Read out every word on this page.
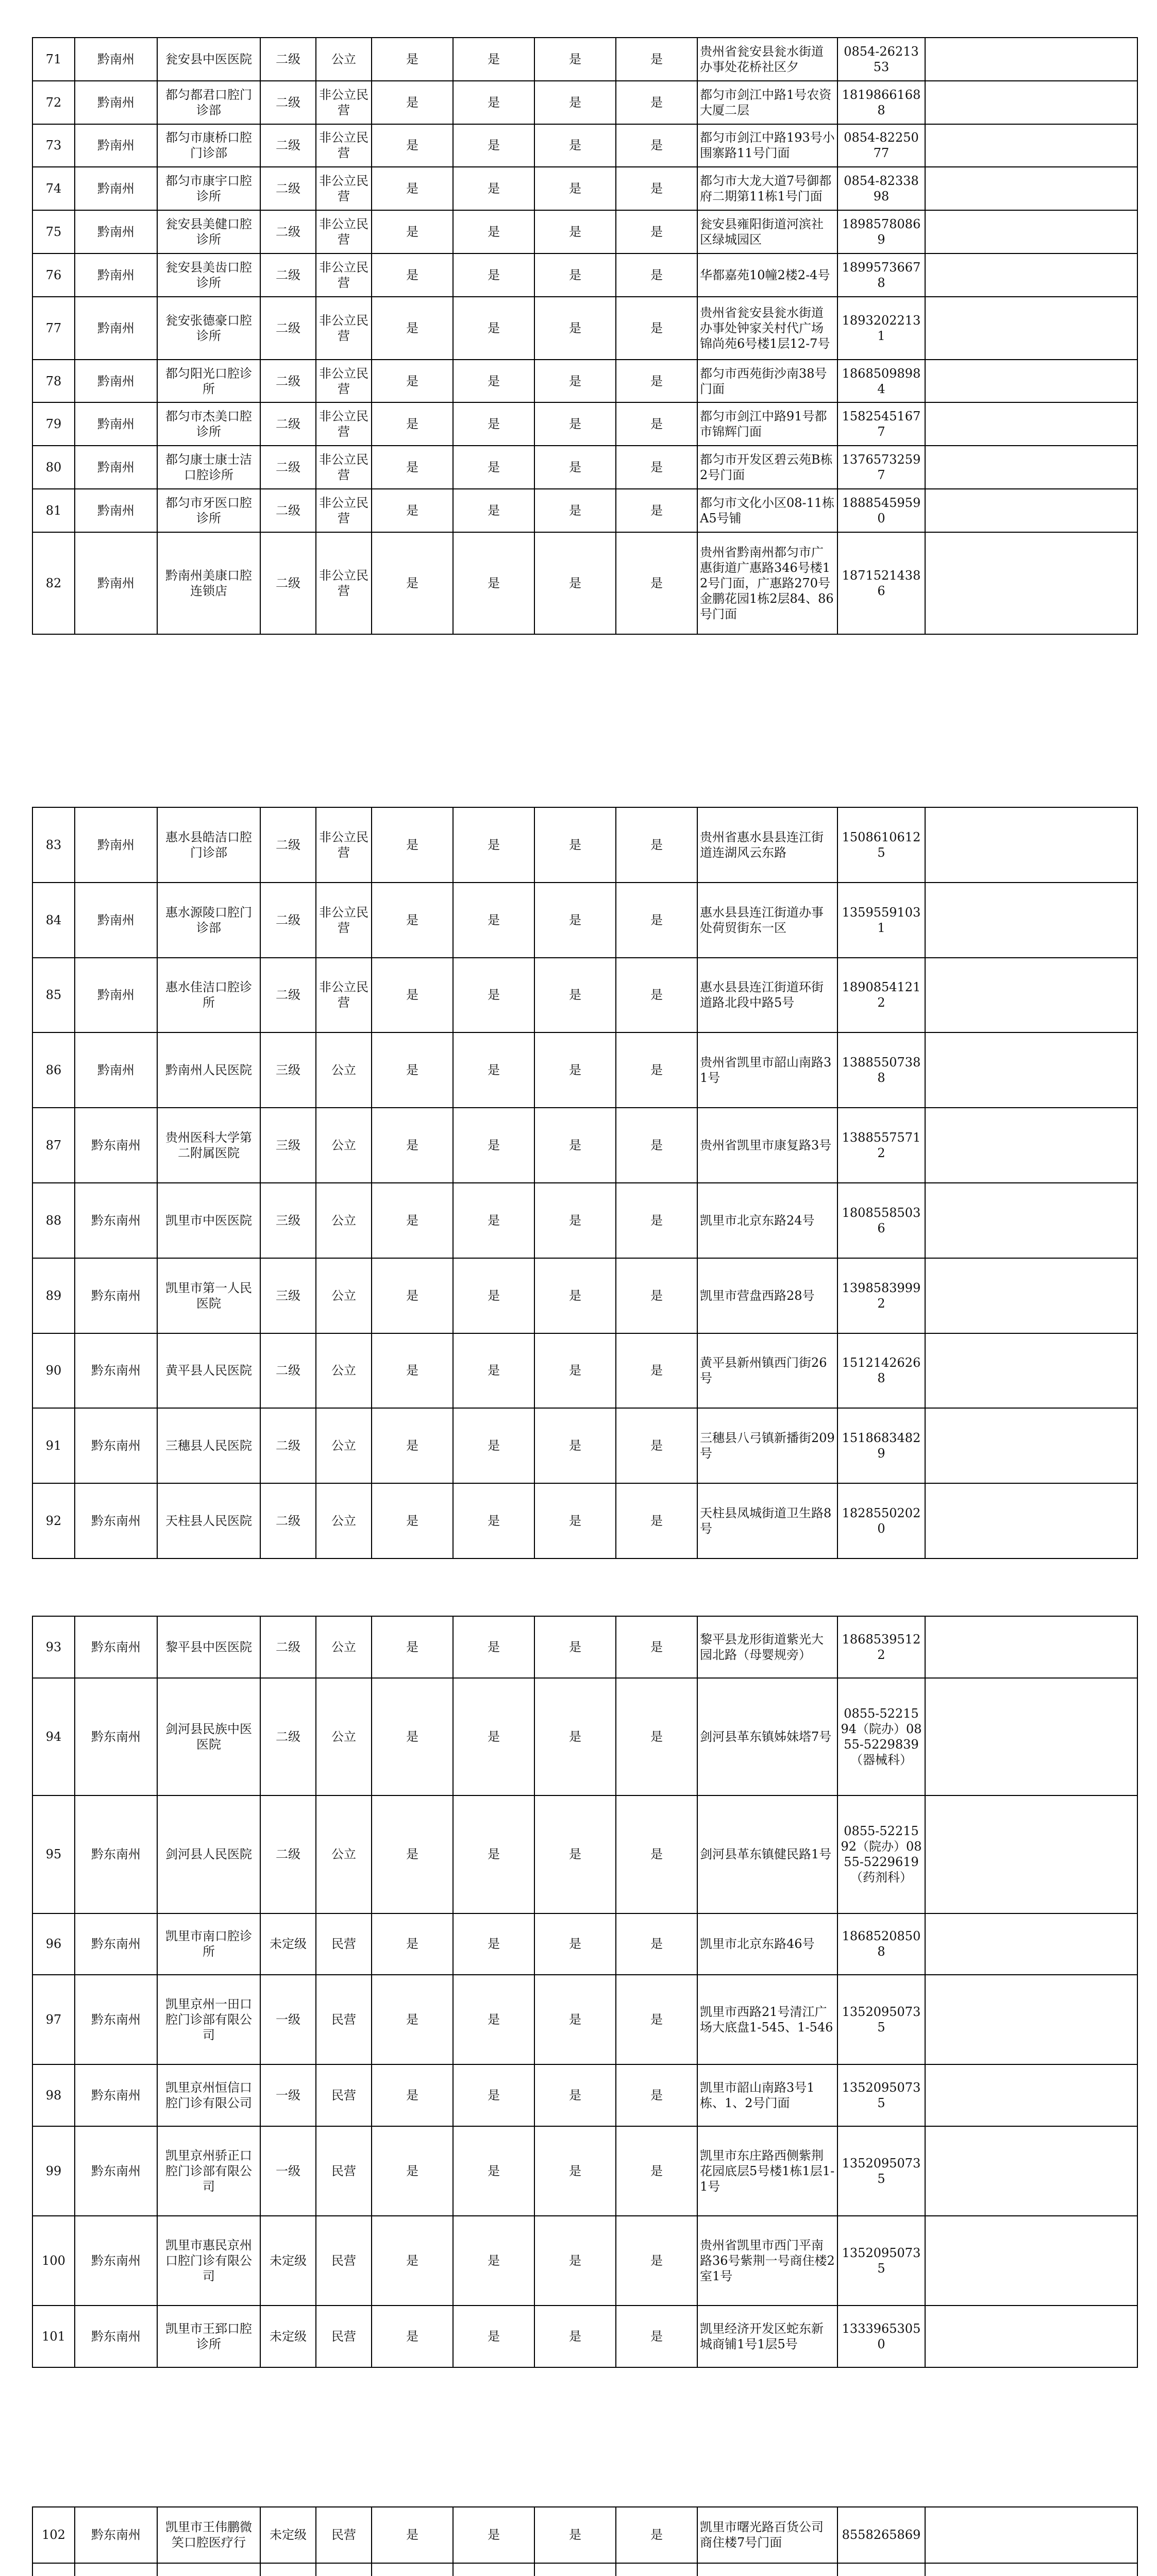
71	黔南州	瓮安县中医医院	二级	公立	是	是	是	是	贵州省瓮安县瓮水街道办事处花桥社区夕	0854-2621353	
72	黔南州	都匀都君口腔门诊部	二级	非公立民营	是	是	是	是	都匀市剑江中路1号农资大厦二层	18198661688	
73	黔南州	都匀市康桥口腔门诊部	二级	非公立民营	是	是	是	是	都匀市剑江中路193号小围寨路11号门面	0854-8225077	
74	黔南州	都匀市康宇口腔诊所	二级	非公立民营	是	是	是	是	都匀市大龙大道7号御都府二期第11栋1号门面	0854-8233898	
75	黔南州	瓮安县美健口腔诊所	二级	非公立民营	是	是	是	是	瓮安县雍阳街道河滨社区绿城园区	18985780869	
76	黔南州	瓮安县美齿口腔诊所	二级	非公立民营	是	是	是	是	华都嘉苑10幢2楼2-4号	18995736678	
77	黔南州	瓮安张德豪口腔诊所	二级	非公立民营	是	是	是	是	贵州省瓮安县瓮水街道办事处钟家关村代广场锦尚苑6号楼1层12-7号	18932022131	
78	黔南州	都匀阳光口腔诊所	二级	非公立民营	是	是	是	是	都匀市西苑街沙南38号门面	18685098984	
79	黔南州	都匀市杰美口腔诊所	二级	非公立民营	是	是	是	是	都匀市剑江中路91号都市锦辉门面	15825451677	
80	黔南州	都匀康士康士洁口腔诊所	二级	非公立民营	是	是	是	是	都匀市开发区碧云苑B栋2号门面	13765732597	
81	黔南州	都匀市牙医口腔诊所	二级	非公立民营	是	是	是	是	都匀市文化小区08-11栋A5号铺	18885459590	
82	黔南州	黔南州美康口腔连锁店	二级	非公立民营	是	是	是	是	贵州省黔南州都匀市广惠街道广惠路346号楼12号门面，广惠路270号金鹏花园1栋2层84、86号门面	18715214386	
83	黔南州	惠水县皓洁口腔门诊部	二级	非公立民营	是	是	是	是	贵州省惠水县县连江街道连湖风云东路	15086106125	
84	黔南州	惠水源陵口腔门诊部	二级	非公立民营	是	是	是	是	惠水县县连江街道办事处荷贸街东一区	13595591031	
85	黔南州	惠水佳洁口腔诊所	二级	非公立民营	是	是	是	是	惠水县县连江街道环街道路北段中路5号	18908541212	
86	黔南州	黔南州人民医院	三级	公立	是	是	是	是	贵州省凯里市韶山南路31号	13885507388	
87	黔东南州	贵州医科大学第二附属医院	三级	公立	是	是	是	是	贵州省凯里市康复路3号	13885575712	
88	黔东南州	凯里市中医医院	三级	公立	是	是	是	是	凯里市北京东路24号	18085585036	
89	黔东南州	凯里市第一人民医院	三级	公立	是	是	是	是	凯里市营盘西路28号	13985839992	
90	黔东南州	黄平县人民医院	二级	公立	是	是	是	是	黄平县新州镇西门街26号	15121426268	
91	黔东南州	三穗县人民医院	二级	公立	是	是	是	是	三穗县八弓镇新播街209号	15186834829	
92	黔东南州	天柱县人民医院	二级	公立	是	是	是	是	天柱县凤城街道卫生路8号	18285502020	
93	黔东南州	黎平县中医医院	二级	公立	是	是	是	是	黎平县龙形街道紫光大园北路（母婴规旁）	18685395122	
94	黔东南州	剑河县民族中医医院	二级	公立	是	是	是	是	剑河县革东镇姊妹塔7号	0855-5221594（院办）0855-5229839（器械科）	
95	黔东南州	剑河县人民医院	二级	公立	是	是	是	是	剑河县革东镇健民路1号	0855-5221592（院办）0855-5229619（药剂科）	
96	黔东南州	凯里市南口腔诊所	未定级	民营	是	是	是	是	凯里市北京东路46号	18685208508	
97	黔东南州	凯里京州一田口腔门诊部有限公司	一级	民营	是	是	是	是	凯里市西路21号清江广场大底盘1-545、1-546	13520950735	
98	黔东南州	凯里京州恒信口腔门诊有限公司	一级	民营	是	是	是	是	凯里市韶山南路3号1栋、1、2号门面	13520950735	
99	黔东南州	凯里京州骄正口腔门诊部有限公司	一级	民营	是	是	是	是	凯里市东庄路西侧紫荆花园底层5号楼1栋1层1-1号	13520950735	
100	黔东南州	凯里市惠民京州口腔门诊有限公司	未定级	民营	是	是	是	是	贵州省凯里市西门平南路36号紫荆一号商住楼2室1号	13520950735	
101	黔东南州	凯里市王郅口腔诊所	未定级	民营	是	是	是	是	凯里经济开发区蛇东新城商铺1号1层5号	13339653050	
102	黔东南州	凯里市王伟鹏微笑口腔医疗行	未定级	民营	是	是	是	是	凯里市曙光路百货公司商住楼7号门面	8558265869	
